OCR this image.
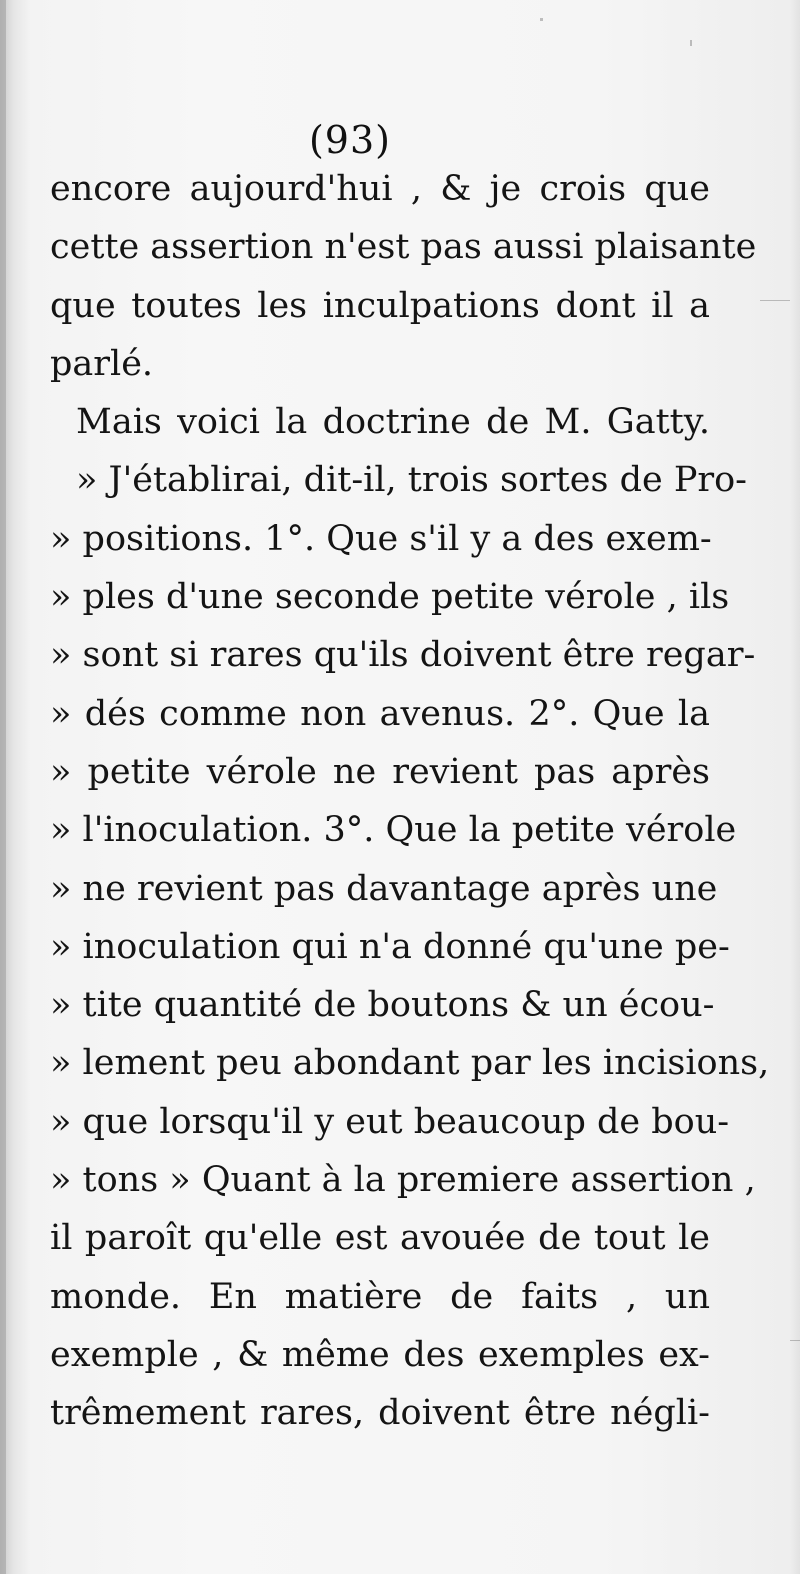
(93)
encore aujourd'hui , & je crois que
cette assertion n'est pas aussi plaisante
que toutes les inculpations dont il a
parlé.
Mais voici la doctrine de M. Gatty.
» J'établirai, dit-il, trois sortes de Pro-
» positions. 1°. Que s'il y a des exem-
» ples d'une seconde petite vérole , ils
» sont si rares qu'ils doivent être regar-
» dés comme non avenus. 2°. Que la
» petite vérole ne revient pas après
» l'inoculation. 3°. Que la petite vérole
» ne revient pas davantage après une
» inoculation qui n'a donné qu'une pe-
» tite quantité de boutons & un écou-
» lement peu abondant par les incisions,
» que lorsqu'il y eut beaucoup de bou-
» tons » Quant à la premiere assertion ,
il paroît qu'elle est avouée de tout le
monde. En matière de faits , un
exemple , & même des exemples ex-
trêmement rares, doivent être négli-
